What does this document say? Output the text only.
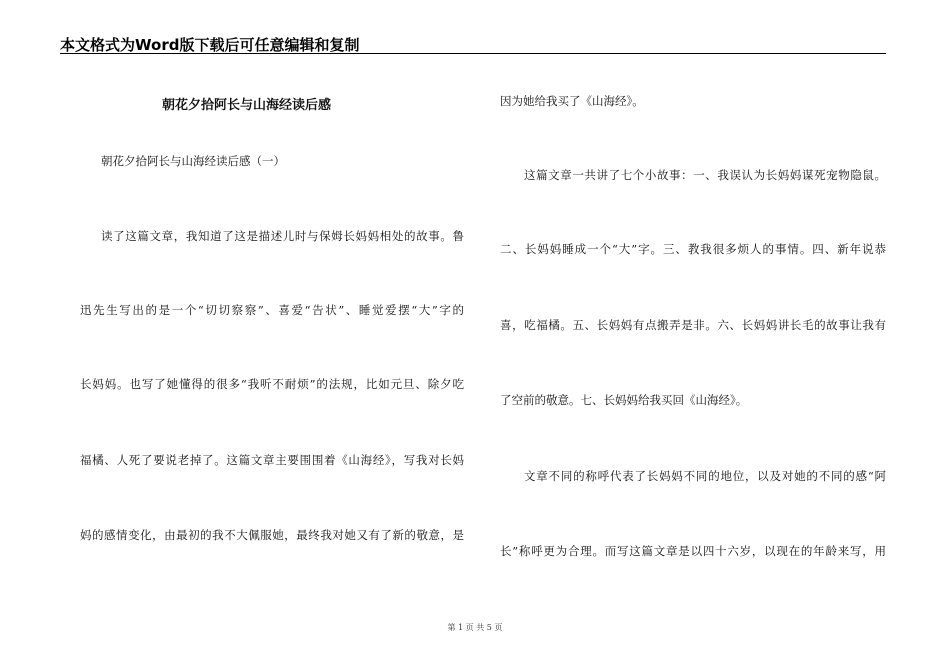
本文格式为Word版下载后可任意编辑和复制
朝花夕拾阿长与山海经读后感
朝花夕拾阿长与山海经读后感（一）
读了这篇文章，我知道了这是描述儿时与保姆长妈妈相处的故事。鲁
迅先生写出的是一个“切切察察”、喜爱“告状”、睡觉爱摆“大”字的
长妈妈。也写了她懂得的很多“我听不耐烦”的法规，比如元旦、除夕吃
福橘、人死了要说老掉了。这篇文章主要围围着《山海经》，写我对长妈
妈的感情变化，由最初的我不大佩服她，最终我对她又有了新的敬意，是
因为她给我买了《山海经》。
这篇文章一共讲了七个小故事：一、我误认为长妈妈谋死宠物隐鼠。
二、长妈妈睡成一个“大”字。三、教我很多烦人的事情。四、新年说恭
喜，吃福橘。五、长妈妈有点搬弄是非。六、长妈妈讲长毛的故事让我有
了空前的敬意。七、长妈妈给我买回《山海经》。
文章不同的称呼代表了长妈妈不同的地位，以及对她的不同的感“阿
长”称呼更为合理。而写这篇文章是以四十六岁，以现在的年龄来写，用
第 1 页 共 5 页
